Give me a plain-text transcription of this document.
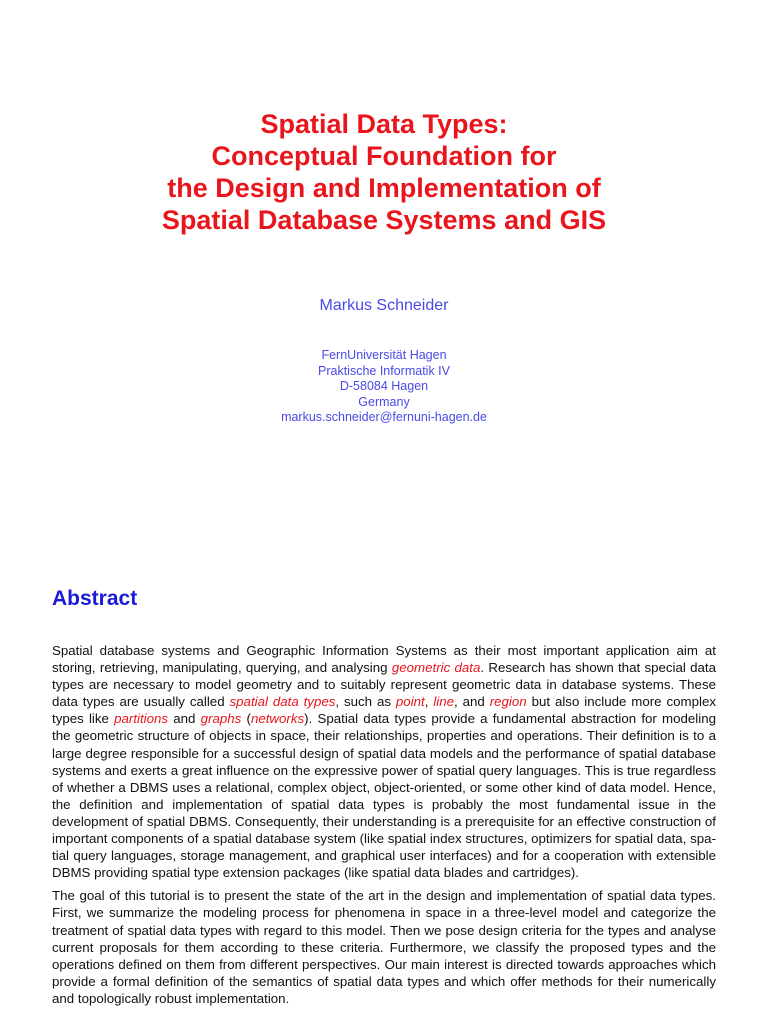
Spatial Data Types:
Conceptual Foundation for
the Design and Implementation of
Spatial Database Systems and GIS

Markus Schneider

FernUniversität Hagen
Praktische Informatik IV
D-58084 Hagen
Germany
markus.schneider@fernuni-hagen.de
Abstract

Spatial database systems and Geographic Information Systems as their most important application aim at storing, retrieving, manipulating, querying, and analysing geometric data. Research has shown that special data types are necessary to model geometry and to suitably represent geometric data in database systems. These data types are usually called spatial data types, such as point, line, and region but also include more complex types like partitions and graphs (networks). Spatial data types provide a fundamental abstraction for modeling the geometric structure of objects in space, their relationships, properties and operations. Their definition is to a large degree responsible for a successful design of spatial data models and the performance of spatial database systems and exerts a great influence on the expressive power of spatial query languages. This is true regardless of whether a DBMS uses a relational, complex object, object-oriented, or some other kind of data model. Hence, the definition and implementation of spatial data types is probably the most fundamental issue in the development of spatial DBMS. Consequently, their understanding is a prerequisite for an effective construction of important components of a spatial database system (like spatial index structures, optimizers for spatial data, spatial query languages, storage management, and graphical user interfaces) and for a cooperation with extensible DBMS providing spatial type extension packages (like spatial data blades and cartridges).

The goal of this tutorial is to present the state of the art in the design and implementation of spatial data types. First, we summarize the modeling process for phenomena in space in a three-level model and categorize the treatment of spatial data types with regard to this model. Then we pose design criteria for the types and analyse current proposals for them according to these criteria. Furthermore, we classify the proposed types and the operations defined on them from different perspectives. Our main interest is directed towards approaches which provide a formal definition of the semantics of spatial data types and which offer methods for their numerically and topologically robust implementation.
